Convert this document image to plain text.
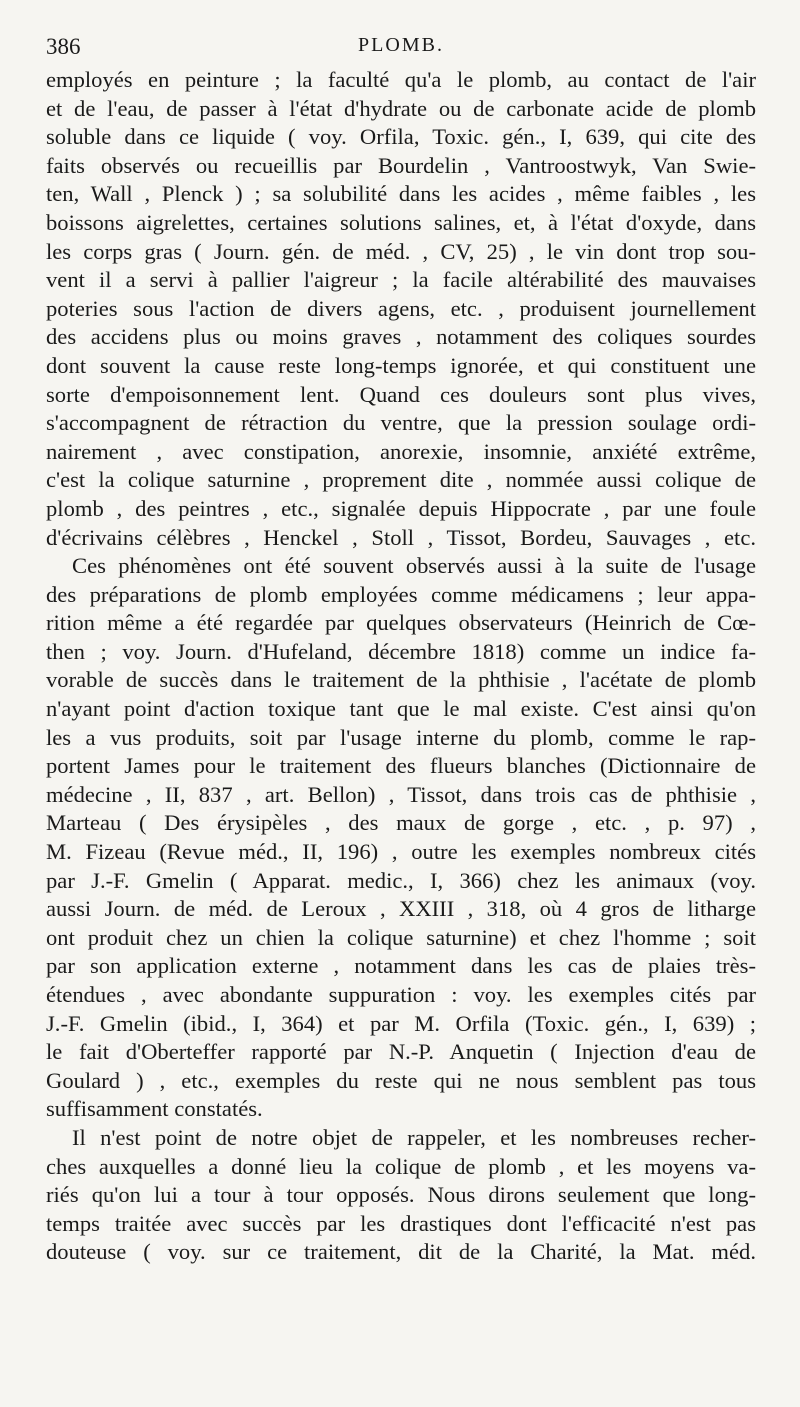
386	PLOMB.
employés en peinture ; la faculté qu'a le plomb, au contact de l'air
et de l'eau, de passer à l'état d'hydrate ou de carbonate acide de plomb
soluble dans ce liquide ( voy. Orfila, Toxic. gén., I, 639, qui cite des
faits observés ou recueillis par Bourdelin , Vantroostwyk, Van Swie-
ten, Wall , Plenck ) ; sa solubilité dans les acides , même faibles , les
boissons aigrelettes, certaines solutions salines, et, à l'état d'oxyde, dans
les corps gras ( Journ. gén. de méd. , CV, 25) , le vin dont trop sou-
vent il a servi à pallier l'aigreur ; la facile altérabilité des mauvaises
poteries sous l'action de divers agens, etc. , produisent journellement
des accidens plus ou moins graves , notamment des coliques sourdes
dont souvent la cause reste long-temps ignorée, et qui constituent une
sorte d'empoisonnement lent. Quand ces douleurs sont plus vives,
s'accompagnent de rétraction du ventre, que la pression soulage ordi-
nairement , avec constipation, anorexie, insomnie, anxiété extrême,
c'est la colique saturnine , proprement dite , nommée aussi colique de
plomb , des peintres , etc., signalée depuis Hippocrate , par une foule
d'écrivains célèbres , Henckel , Stoll , Tissot, Bordeu, Sauvages , etc.
Ces phénomènes ont été souvent observés aussi à la suite de l'usage
des préparations de plomb employées comme médicamens ; leur appa-
rition même a été regardée par quelques observateurs (Heinrich de Cœ-
then ; voy. Journ. d'Hufeland, décembre 1818) comme un indice fa-
vorable de succès dans le traitement de la phthisie , l'acétate de plomb
n'ayant point d'action toxique tant que le mal existe. C'est ainsi qu'on
les a vus produits, soit par l'usage interne du plomb, comme le rap-
portent James pour le traitement des flueurs blanches (Dictionnaire de
médecine , II, 837 , art. Bellon) , Tissot, dans trois cas de phthisie ,
Marteau ( Des érysipèles , des maux de gorge , etc. , p. 97) ,
M. Fizeau (Revue méd., II, 196) , outre les exemples nombreux cités
par J.-F. Gmelin ( Apparat. medic., I, 366) chez les animaux (voy.
aussi Journ. de méd. de Leroux , XXIII , 318, où 4 gros de litharge
ont produit chez un chien la colique saturnine) et chez l'homme ; soit
par son application externe , notamment dans les cas de plaies très-
étendues , avec abondante suppuration : voy. les exemples cités par
J.-F. Gmelin (ibid., I, 364) et par M. Orfila (Toxic. gén., I, 639) ;
le fait d'Oberteffer rapporté par N.-P. Anquetin ( Injection d'eau de
Goulard ) , etc., exemples du reste qui ne nous semblent pas tous
suffisamment constatés.
Il n'est point de notre objet de rappeler, et les nombreuses recher-
ches auxquelles a donné lieu la colique de plomb , et les moyens va-
riés qu'on lui a tour à tour opposés. Nous dirons seulement que long-
temps traitée avec succès par les drastiques dont l'efficacité n'est pas
douteuse ( voy. sur ce traitement, dit de la Charité, la Mat. méd.
